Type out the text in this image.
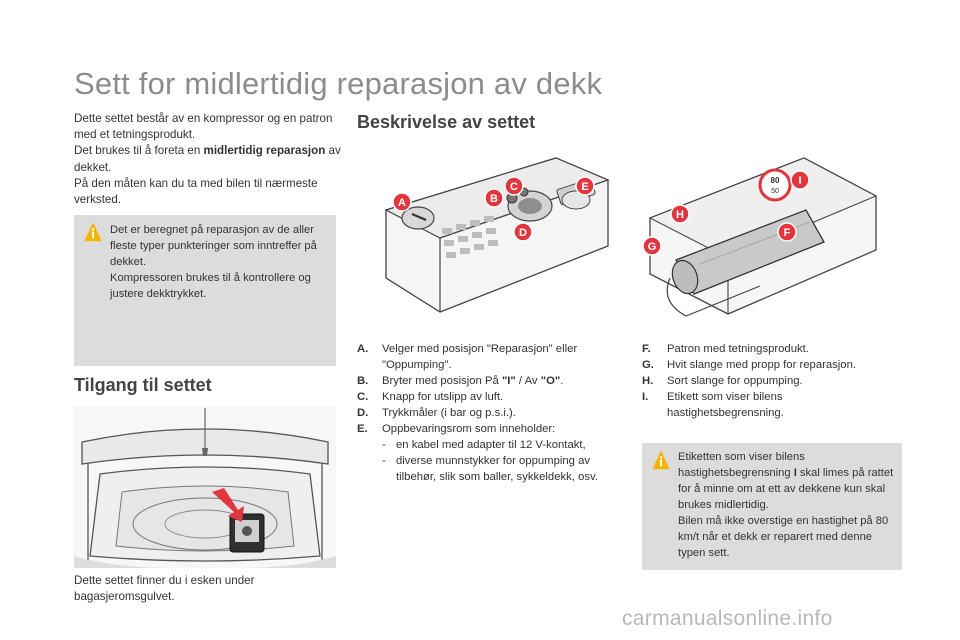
Sett for midlertidig reparasjon av dekk
Dette settet består av en kompressor og en patron med et tetningsprodukt.
Det brukes til å foreta en midlertidig reparasjon av dekket.
På den måten kan du ta med bilen til nærmeste verksted.
Det er beregnet på reparasjon av de aller fleste typer punkteringer som inntreffer på dekket.
Kompressoren brukes til å kontrollere og justere dekktrykket.
Tilgang til settet
Dette settet finner du i esken under bagasjeromsgulvet.
Beskrivelse av settet
A	B
C
D
E
80
50
I
H
F
G
A.	Velger med posisjon "Reparasjon" eller "Oppumping".
B.	Bryter med posisjon På "I" / Av "O".
C.	Knapp for utslipp av luft.
D.	Trykkmåler (i bar og p.s.i.).
E.	Oppbevaringsrom som inneholder:
- en kabel med adapter til 12 V-kontakt,
- diverse munnstykker for oppumping av tilbehør, slik som baller, sykkeldekk, osv.
F.	Patron med tetningsprodukt.
G.	Hvit slange med propp for reparasjon.
H.	Sort slange for oppumping.
I.	Etikett som viser bilens hastighetsbegrensning.
Etiketten som viser bilens hastighetsbegrensning I skal limes på rattet for å minne om at ett av dekkene kun skal brukes midlertidig.
Bilen må ikke overstige en hastighet på 80 km/t når et dekk er reparert med denne typen sett.
carmanualsonline.info
